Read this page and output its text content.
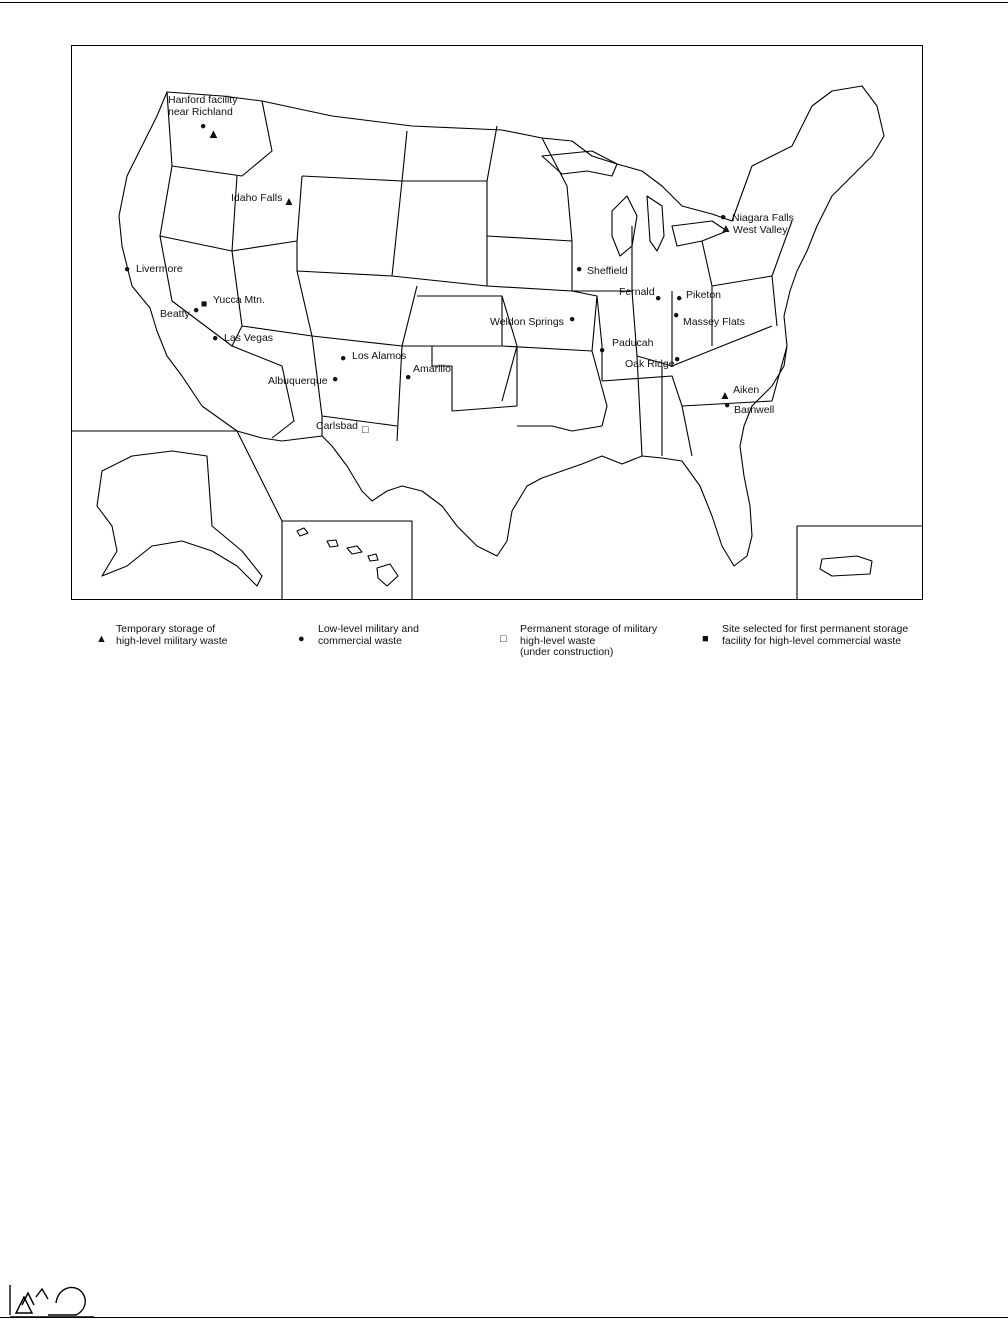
Hanford facility
near Richland
● ▲
Idaho Falls ▲
● Livermore
■ Yucca Mtn.
Beatty ●
● Las Vegas
● Los Alamos
Albuquerque ●
Amarillo
●
Carlsbad □
● Sheffield
Weldon Springs ●
●
Paducah
Fernald ● ● Piketon
●
Massey Flats
Oak Ridge ●
● Niagara Falls
▲ West Valley
▲ Aiken
● Barnwell
▲
Temporary storage of
high-level military waste	●
Low-level military and
commercial waste	□
Permanent storage of military
high-level waste
(under construction)
■
Site selected for first permanent storage
facility for high-level commercial waste
